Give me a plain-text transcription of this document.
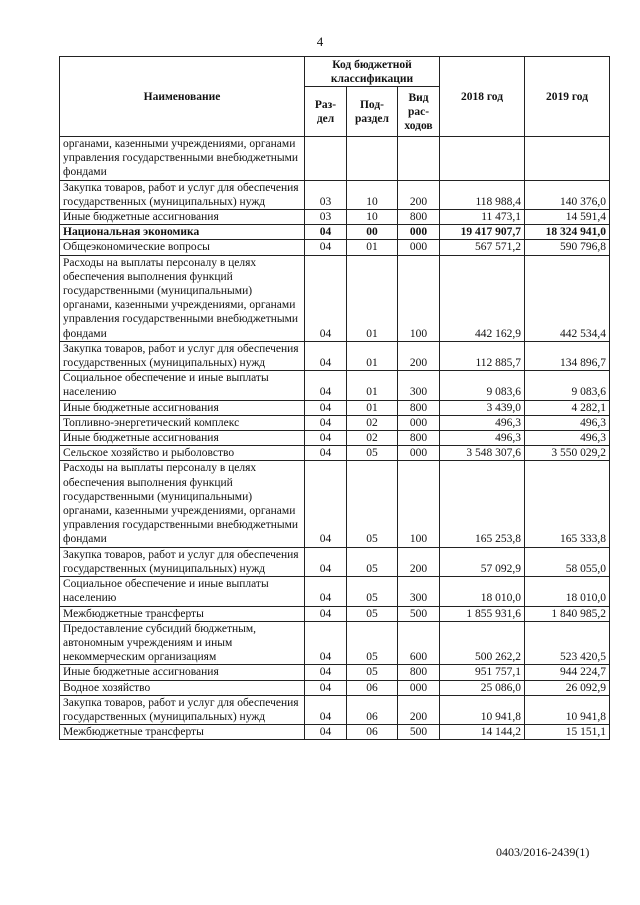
4
Наименование	Код бюджетной классификации			2018 год	2019 год
	Раз- дел	Под- раздел	Вид рас- ходов		
органами, казенными учреждениями, органами управления государственными внебюджетными фондами					
Закупка товаров, работ и услуг для обеспечения государственных (муниципальных) нужд	03	10	200	118 988,4	140 376,0
Иные бюджетные ассигнования	03	10	800	11 473,1	14 591,4
Национальная экономика	04	00	000	19 417 907,7	18 324 941,0
Общеэкономические вопросы	04	01	000	567 571,2	590 796,8
Расходы на выплаты персоналу в целях обеспечения выполнения функций государственными (муниципальными) органами, казенными учреждениями, органами управления государственными внебюджетными фондами	04	01	100	442 162,9	442 534,4
Закупка товаров, работ и услуг для обеспечения государственных (муниципальных) нужд	04	01	200	112 885,7	134 896,7
Социальное обеспечение и иные выплаты населению	04	01	300	9 083,6	9 083,6
Иные бюджетные ассигнования	04	01	800	3 439,0	4 282,1
Топливно-энергетический комплекс	04	02	000	496,3	496,3
Иные бюджетные ассигнования	04	02	800	496,3	496,3
Сельское хозяйство и рыболовство	04	05	000	3 548 307,6	3 550 029,2
Расходы на выплаты персоналу в целях обеспечения выполнения функций государственными (муниципальными) органами, казенными учреждениями, органами управления государственными внебюджетными фондами	04	05	100	165 253,8	165 333,8
Закупка товаров, работ и услуг для обеспечения государственных (муниципальных) нужд	04	05	200	57 092,9	58 055,0
Социальное обеспечение и иные выплаты населению	04	05	300	18 010,0	18 010,0
Межбюджетные трансферты	04	05	500	1 855 931,6	1 840 985,2
Предоставление субсидий бюджетным, автономным учреждениям и иным некоммерческим организациям	04	05	600	500 262,2	523 420,5
Иные бюджетные ассигнования	04	05	800	951 757,1	944 224,7
Водное хозяйство	04	06	000	25 086,0	26 092,9
Закупка товаров, работ и услуг для обеспечения государственных (муниципальных) нужд	04	06	200	10 941,8	10 941,8
Межбюджетные трансферты	04	06	500	14 144,2	15 151,1
0403/2016-2439(1)
